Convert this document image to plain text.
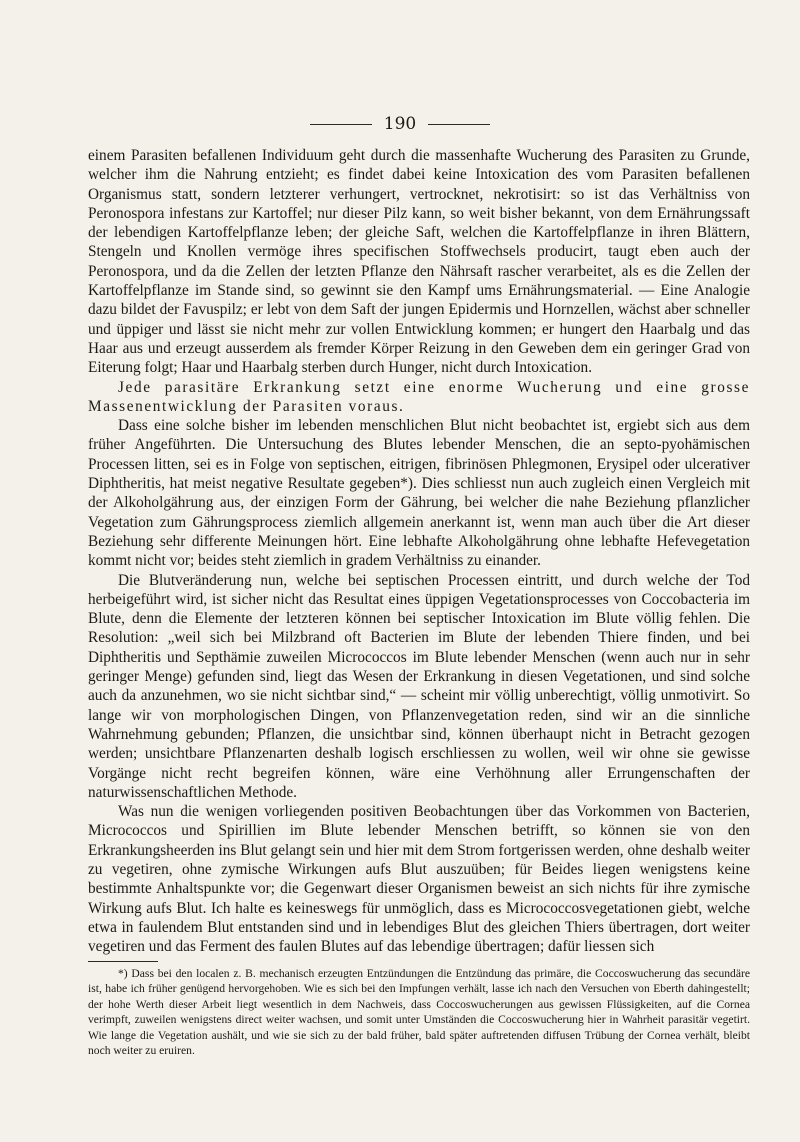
190

einem Parasiten befallenen Individuum geht durch die massenhafte Wucherung des Parasiten zu Grunde, welcher ihm die Nahrung entzieht; es findet dabei keine Intoxication des vom Parasiten befallenen Organismus statt, sondern letzterer verhungert, vertrocknet, nekrotisirt: so ist das Verhältniss von Peronospora infestans zur Kartoffel; nur dieser Pilz kann, so weit bisher bekannt, von dem Ernährungssaft der lebendigen Kartoffelpflanze leben; der gleiche Saft, welchen die Kartoffelpflanze in ihren Blättern, Stengeln und Knollen vermöge ihres specifischen Stoffwechsels producirt, taugt eben auch der Peronospora, und da die Zellen der letzten Pflanze den Nährsaft rascher verarbeitet, als es die Zellen der Kartoffelpflanze im Stande sind, so gewinnt sie den Kampf ums Ernährungsmaterial. — Eine Analogie dazu bildet der Favuspilz; er lebt von dem Saft der jungen Epidermis und Hornzellen, wächst aber schneller und üppiger und lässt sie nicht mehr zur vollen Entwicklung kommen; er hungert den Haarbalg und das Haar aus und erzeugt ausserdem als fremder Körper Reizung in den Geweben dem ein geringer Grad von Eiterung folgt; Haar und Haarbalg sterben durch Hunger, nicht durch Intoxication.

Jede parasitäre Erkrankung setzt eine enorme Wucherung und eine grosse Massenentwicklung der Parasiten voraus.

Dass eine solche bisher im lebenden menschlichen Blut nicht beobachtet ist, ergiebt sich aus dem früher Angeführten. Die Untersuchung des Blutes lebender Menschen, die an septo-pyohämischen Processen litten, sei es in Folge von septischen, eitrigen, fibrinösen Phlegmonen, Erysipel oder ulcerativer Diphtheritis, hat meist negative Resultate gegeben*). Dies schliesst nun auch zugleich einen Vergleich mit der Alkoholgährung aus, der einzigen Form der Gährung, bei welcher die nahe Beziehung pflanzlicher Vegetation zum Gährungsprocess ziemlich allgemein anerkannt ist, wenn man auch über die Art dieser Beziehung sehr differente Meinungen hört. Eine lebhafte Alkoholgährung ohne lebhafte Hefevegetation kommt nicht vor; beides steht ziemlich in gradem Verhältniss zu einander.

Die Blutveränderung nun, welche bei septischen Processen eintritt, und durch welche der Tod herbeigeführt wird, ist sicher nicht das Resultat eines üppigen Vegetationsprocesses von Coccobacteria im Blute, denn die Elemente der letzteren können bei septischer Intoxication im Blute völlig fehlen. Die Resolution: „weil sich bei Milzbrand oft Bacterien im Blute der lebenden Thiere finden, und bei Diphtheritis und Septhämie zuweilen Micrococcos im Blute lebender Menschen (wenn auch nur in sehr geringer Menge) gefunden sind, liegt das Wesen der Erkrankung in diesen Vegetationen, und sind solche auch da anzunehmen, wo sie nicht sichtbar sind,“ — scheint mir völlig unberechtigt, völlig unmotivirt. So lange wir von morphologischen Dingen, von Pflanzenvegetation reden, sind wir an die sinnliche Wahrnehmung gebunden; Pflanzen, die unsichtbar sind, können überhaupt nicht in Betracht gezogen werden; unsichtbare Pflanzenarten deshalb logisch erschliessen zu wollen, weil wir ohne sie gewisse Vorgänge nicht recht begreifen können, wäre eine Verhöhnung aller Errungenschaften der naturwissenschaftlichen Methode.

Was nun die wenigen vorliegenden positiven Beobachtungen über das Vorkommen von Bacterien, Micrococcos und Spirillien im Blute lebender Menschen betrifft, so können sie von den Erkrankungsheerden ins Blut gelangt sein und hier mit dem Strom fortgerissen werden, ohne deshalb weiter zu vegetiren, ohne zymische Wirkungen aufs Blut auszuüben; für Beides liegen wenigstens keine bestimmte Anhaltspunkte vor; die Gegenwart dieser Organismen beweist an sich nichts für ihre zymische Wirkung aufs Blut. Ich halte es keineswegs für unmöglich, dass es Micrococcosvegetationen giebt, welche etwa in faulendem Blut entstanden sind und in lebendiges Blut des gleichen Thiers übertragen, dort weiter vegetiren und das Ferment des faulen Blutes auf das lebendige übertragen; dafür liessen sich

*) Dass bei den localen z. B. mechanisch erzeugten Entzündungen die Entzündung das primäre, die Coccoswucherung das secundäre ist, habe ich früher genügend hervorgehoben. Wie es sich bei den Impfungen verhält, lasse ich nach den Versuchen von Eberth dahingestellt; der hohe Werth dieser Arbeit liegt wesentlich in dem Nachweis, dass Coccoswucherungen aus gewissen Flüssigkeiten, auf die Cornea verimpft, zuweilen wenigstens direct weiter wachsen, und somit unter Umständen die Coccoswucherung hier in Wahrheit parasitär vegetirt. Wie lange die Vegetation aushält, und wie sie sich zu der bald früher, bald später auftretenden diffusen Trübung der Cornea verhält, bleibt noch weiter zu eruiren.
